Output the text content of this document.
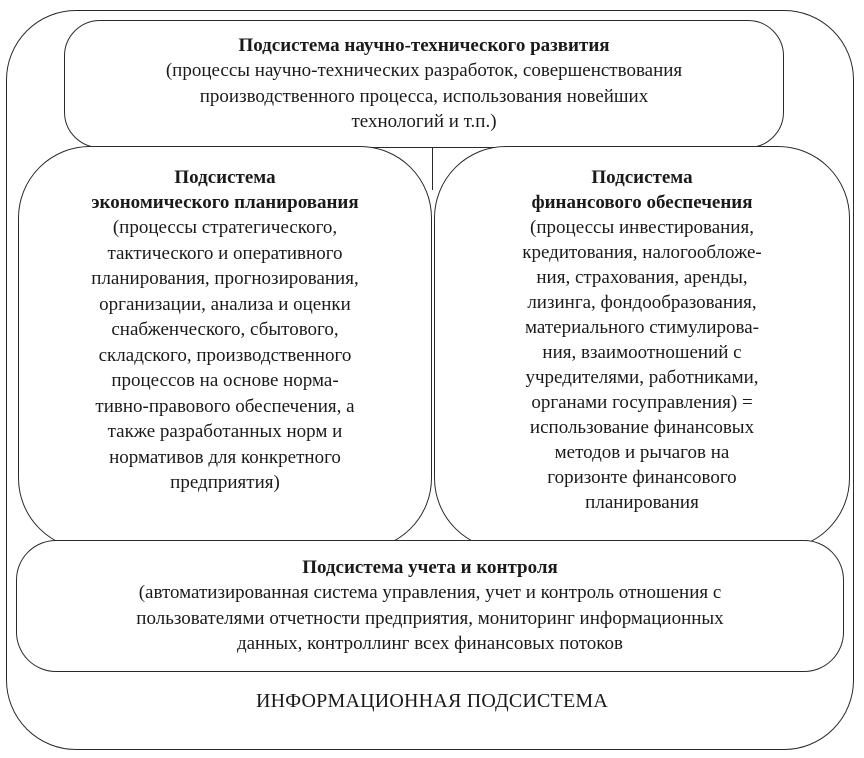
Подсистема научно-технического развития
(процессы научно-технических разработок, совершенствования
производственного процесса, использования новейших
технологий и т.п.)
Подсистема
экономического планирования
(процессы стратегического,
тактического и оперативного
планирования, прогнозирования,
организации, анализа и оценки
снабженческого, сбытового,
складского, производственного
процессов на основе норма-
тивно-правового обеспечения, а
также разработанных норм и
нормативов для конкретного
предприятия)
Подсистема
финансового обеспечения
(процессы инвестирования,
кредитования, налогообложе-
ния, страхования, аренды,
лизинга, фондообразования,
материального стимулирова-
ния, взаимоотношений с
учредителями, работниками,
органами госуправления) =
использование финансовых
методов и рычагов на
горизонте финансового
планирования
Подсистема учета и контроля
(автоматизированная система управления, учет и контроль отношения с
пользователями отчетности предприятия, мониторинг информационных
данных, контроллинг всех финансовых потоков
ИНФОРМАЦИОННАЯ ПОДСИСТЕМА
